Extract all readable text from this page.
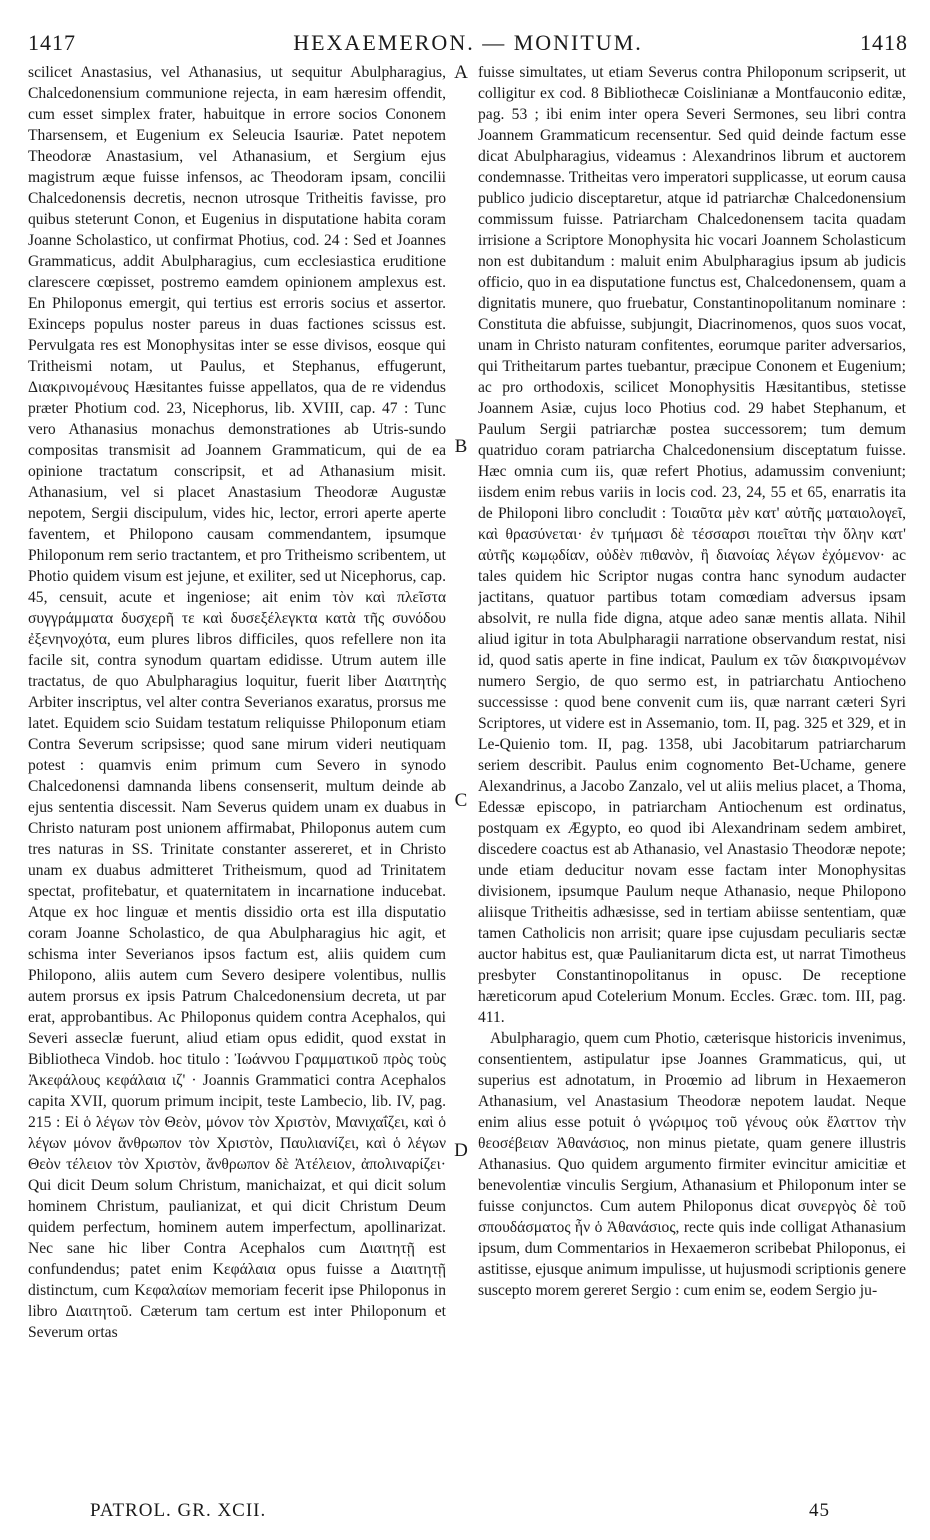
1417	HEXAEMERON. — MONITUM.	1418

scilicet Anastasius, vel Athanasius, ut sequitur Abulpharagius, Chalcedonensium communione rejecta, in eam hæresim offendit, cum esset simplex frater, habuitque in errore socios Cononem Tharsensem, et Eugenium ex Seleucia Isauriæ. Patet nepotem Theodoræ Anastasium, vel Athanasium, et Sergium ejus magistrum æque fuisse infensos, ac Theodoram ipsam, concilii Chalcedonensis decretis, necnon utrosque Tritheitis favisse, pro quibus steterunt Conon, et Eugenius in disputatione habita coram Joanne Scholastico, ut confirmat Photius, cod. 24 : Sed et Joannes Grammaticus, addit Abulpharagius, cum ecclesiastica eruditione clarescere cœpisset, postremo eamdem opinionem amplexus est. En Philoponus emergit, qui tertius est erroris socius et assertor. Exinceps populus noster pareus in duas factiones scissus est. Pervulgata res est Monophysitas inter se esse divisos, eosque qui Tritheismi notam, ut Paulus, et Stephanus, effugerunt, Διακρινομένους Hæsitantes fuisse appellatos, qua de re videndus præter Photium cod. 23, Nicephorus, lib. XVIII, cap. 47 : Tunc vero Athanasius monachus demonstrationes ab Utris-sundo compositas transmisit ad Joannem Grammaticum, qui de ea opinione tractatum conscripsit, et ad Athanasium misit. Athanasium, vel si placet Anastasium Theodoræ Augustæ nepotem, Sergii discipulum, vides hic, lector, errori aperte aperte faventem, et Philopono causam commendantem, ipsumque Philoponum rem serio tractantem, et pro Tritheismo scribentem, ut Photio quidem visum est jejune, et exiliter, sed ut Nicephorus, cap. 45, censuit, acute et ingeniose; ait enim τὸν καὶ πλεῖστα συγγράμματα δυσχερῆ τε καὶ δυσεξέλεγκτα κατὰ τῆς συνόδου ἐξενηνοχότα, eum plures libros difficiles, quos refellere non ita facile sit, contra synodum quartam edidisse. Utrum autem ille tractatus, de quo Abulpharagius loquitur, fuerit liber Διαιτητὴς Arbiter inscriptus, vel alter contra Severianos exaratus, prorsus me latet. Equidem scio Suidam testatum reliquisse Philoponum etiam Contra Severum scripsisse; quod sane mirum videri neutiquam potest : quamvis enim primum cum Severo in synodo Chalcedonensi damnanda libens consenserit, multum deinde ab ejus sententia discessit. Nam Severus quidem unam ex duabus in Christo naturam post unionem affirmabat, Philoponus autem cum tres naturas in SS. Trinitate constanter assereret, et in Christo unam ex duabus admitteret Tritheismum, quod ad Trinitatem spectat, profitebatur, et quaternitatem in incarnatione inducebat. Atque ex hoc linguæ et mentis dissidio orta est illa disputatio coram Joanne Scholastico, de qua Abulpharagius hic agit, et schisma inter Severianos ipsos factum est, aliis quidem cum Philopono, aliis autem cum Severo desipere volentibus, nullis autem prorsus ex ipsis Patrum Chalcedonensium decreta, ut par erat, approbantibus. Ac Philoponus quidem contra Acephalos, qui Severi asseclæ fuerunt, aliud etiam opus edidit, quod exstat in Bibliotheca Vindob. hoc titulo : Ἰωάννου Γραμματικοῦ πρὸς τοὺς Ἀκεφάλους κεφάλαια ιζ' · Joannis Grammatici contra Acephalos capita XVII, quorum primum incipit, teste Lambecio, lib. IV, pag. 215 : Εἰ ὁ λέγων τὸν Θεὸν, μόνον τὸν Χριστὸν, Μανιχαΐζει, καὶ ὁ λέγων μόνον ἄνθρωπον τὸν Χριστὸν, Παυλιανίζει, καὶ ὁ λέγων Θεὸν τέλειον τὸν Χριστὸν, ἄνθρωπον δὲ Ἀτέλειον, ἀπολιναρίζει· Qui dicit Deum solum Christum, manichaizat, et qui dicit solum hominem Christum, paulianizat, et qui dicit Christum Deum quidem perfectum, hominem autem imperfectum, apollinarizat. Nec sane hic liber Contra Acephalos cum Διαιτητῇ est confundendus; patet enim Κεφάλαια opus fuisse a Διαιτητῇ distinctum, cum Κεφαλαίων memoriam fecerit ipse Philoponus in libro Διαιτητοῦ. Cæterum tam certum est inter Philoponum et Severum ortas

A
B
C
D

fuisse simultates, ut etiam Severus contra Philoponum scripserit, ut colligitur ex cod. 8 Bibliothecæ Coislinianæ a Montfauconio editæ, pag. 53 ; ibi enim inter opera Severi Sermones, seu libri contra Joannem Grammaticum recensentur. Sed quid deinde factum esse dicat Abulpharagius, videamus : Alexandrinos librum et auctorem condemnasse. Tritheitas vero imperatori supplicasse, ut eorum causa publico judicio disceptaretur, atque id patriarchæ Chalcedonensium commissum fuisse. Patriarcham Chalcedonensem tacita quadam irrisione a Scriptore Monophysita hic vocari Joannem Scholasticum non est dubitandum : maluit enim Abulpharagius ipsum ab judicis officio, quo in ea disputatione functus est, Chalcedonensem, quam a dignitatis munere, quo fruebatur, Constantinopolitanum nominare : Constituta die abfuisse, subjungit, Diacrinomenos, quos suos vocat, unam in Christo naturam confitentes, eorumque pariter adversarios, qui Tritheitarum partes tuebantur, præcipue Cononem et Eugenium; ac pro orthodoxis, scilicet Monophysitis Hæsitantibus, stetisse Joannem Asiæ, cujus loco Photius cod. 29 habet Stephanum, et Paulum Sergii patriarchæ postea successorem; tum demum quatriduo coram patriarcha Chalcedonensium disceptatum fuisse. Hæc omnia cum iis, quæ refert Photius, adamussim conveniunt; iisdem enim rebus variis in locis cod. 23, 24, 55 et 65, enarratis ita de Philoponi libro concludit : Τοιαῦτα μὲν κατ' αὐτῆς ματαιολογεῖ, καὶ θρασύνεται· ἐν τμήμασι δὲ τέσσαρσι ποιεῖται τὴν ὅλην κατ' αὐτῆς κωμῳδίαν, οὐδὲν πιθανὸν, ἢ διανοίας λέγων ἐχόμενον· ac tales quidem hic Scriptor nugas contra hanc synodum audacter jactitans, quatuor partibus totam comœdiam adversus ipsam absolvit, re nulla fide digna, atque adeo sanæ mentis allata. Nihil aliud igitur in tota Abulpharagii narratione observandum restat, nisi id, quod satis aperte in fine indicat, Paulum ex τῶν διακρινομένων numero Sergio, de quo sermo est, in patriarchatu Antiocheno successisse : quod bene convenit cum iis, quæ narrant cæteri Syri Scriptores, ut videre est in Assemanio, tom. II, pag. 325 et 329, et in Le-Quienio tom. II, pag. 1358, ubi Jacobitarum patriarcharum seriem describit. Paulus enim cognomento Bet-Uchame, genere Alexandrinus, a Jacobo Zanzalo, vel ut aliis melius placet, a Thoma, Edessæ episcopo, in patriarcham Antiochenum est ordinatus, postquam ex Ægypto, eo quod ibi Alexandrinam sedem ambiret, discedere coactus est ab Athanasio, vel Anastasio Theodoræ nepote; unde etiam deducitur novam esse factam inter Monophysitas divisionem, ipsumque Paulum neque Athanasio, neque Philopono aliisque Tritheitis adhæsisse, sed in tertiam abiisse sententiam, quæ tamen Catholicis non arrisit; quare ipse cujusdam peculiaris sectæ auctor habitus est, quæ Paulianitarum dicta est, ut narrat Timotheus presbyter Constantinopolitanus in opusc. De receptione hæreticorum apud Cotelerium Monum. Eccles. Græc. tom. III, pag. 411.

Abulpharagio, quem cum Photio, cæterisque historicis invenimus, consentientem, astipulatur ipse Joannes Grammaticus, qui, ut superius est adnotatum, in Proœmio ad librum in Hexaemeron Athanasium, vel Anastasium Theodoræ nepotem laudat. Neque enim alius esse potuit ὁ γνώριμος τοῦ γένους οὐκ ἔλαττον τὴν θεοσέβειαν Ἀθανάσιος, non minus pietate, quam genere illustris Athanasius. Quo quidem argumento firmiter evincitur amicitiæ et benevolentiæ vinculis Sergium, Athanasium et Philoponum inter se fuisse conjunctos. Cum autem Philoponus dicat συνεργὸς δὲ τοῦ σπουδάσματος ἦν ὁ Ἀθανάσιος, recte quis inde colligat Athanasium ipsum, dum Commentarios in Hexaemeron scribebat Philoponus, ei astitisse, ejusque animum impulisse, ut hujusmodi scriptionis genere suscepto morem gereret Sergio : cum enim se, eodem Sergio ju-

PATROL. GR. XCII.	45
